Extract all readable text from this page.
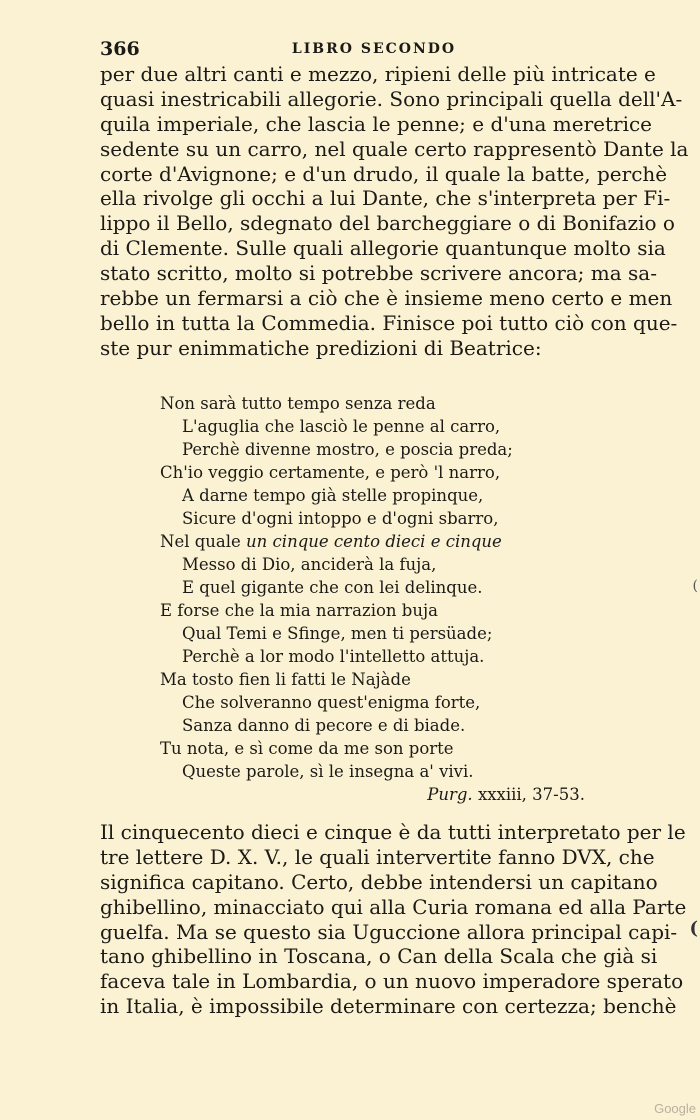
366	LIBRO SECONDO
per due altri canti e mezzo, ripieni delle più intricate e
quasi inestricabili allegorie. Sono principali quella dell'A-
quila imperiale, che lascia le penne; e d'una meretrice
sedente su un carro, nel quale certo rappresentò Dante la
corte d'Avignone; e d'un drudo, il quale la batte, perchè
ella rivolge gli occhi a lui Dante, che s'interpreta per Fi-
lippo il Bello, sdegnato del barcheggiare o di Bonifazio o
di Clemente. Sulle quali allegorie quantunque molto sia
stato scritto, molto si potrebbe scrivere ancora; ma sa-
rebbe un fermarsi a ciò che è insieme meno certo e men
bello in tutta la Commedia. Finisce poi tutto ciò con que-
ste pur enimmatiche predizioni di Beatrice:
Non sarà tutto tempo senza reda
L'aguglia che lasciò le penne al carro,
Perchè divenne mostro, e poscia preda;
Ch'io veggio certamente, e però 'l narro,
A darne tempo già stelle propinque,
Sicure d'ogni intoppo e d'ogni sbarro,
Nel quale un cinque cento dieci e cinque
Messo di Dio, anciderà la fuja,
E quel gigante che con lei delinque.
E forse che la mia narrazion buja
Qual Temi e Sfinge, men ti persüade;
Perchè a lor modo l'intelletto attuja.
Ma tosto fien li fatti le Najàde
Che solveranno quest'enigma forte,
Sanza danno di pecore e di biade.
Tu nota, e sì come da me son porte
Queste parole, sì le insegna a' vivi.
Purg. xxxiii, 37-53.
Il cinquecento dieci e cinque è da tutti interpretato per le
tre lettere D. X. V., le quali intervertite fanno DVX, che
significa capitano. Certo, debbe intendersi un capitano
ghibellino, minacciato qui alla Curia romana ed alla Parte
guelfa. Ma se questo sia Uguccione allora principal capi-
tano ghibellino in Toscana, o Can della Scala che già si
faceva tale in Lombardia, o un nuovo imperadore sperato
in Italia, è impossibile determinare con certezza; benchè
(
(
Google
